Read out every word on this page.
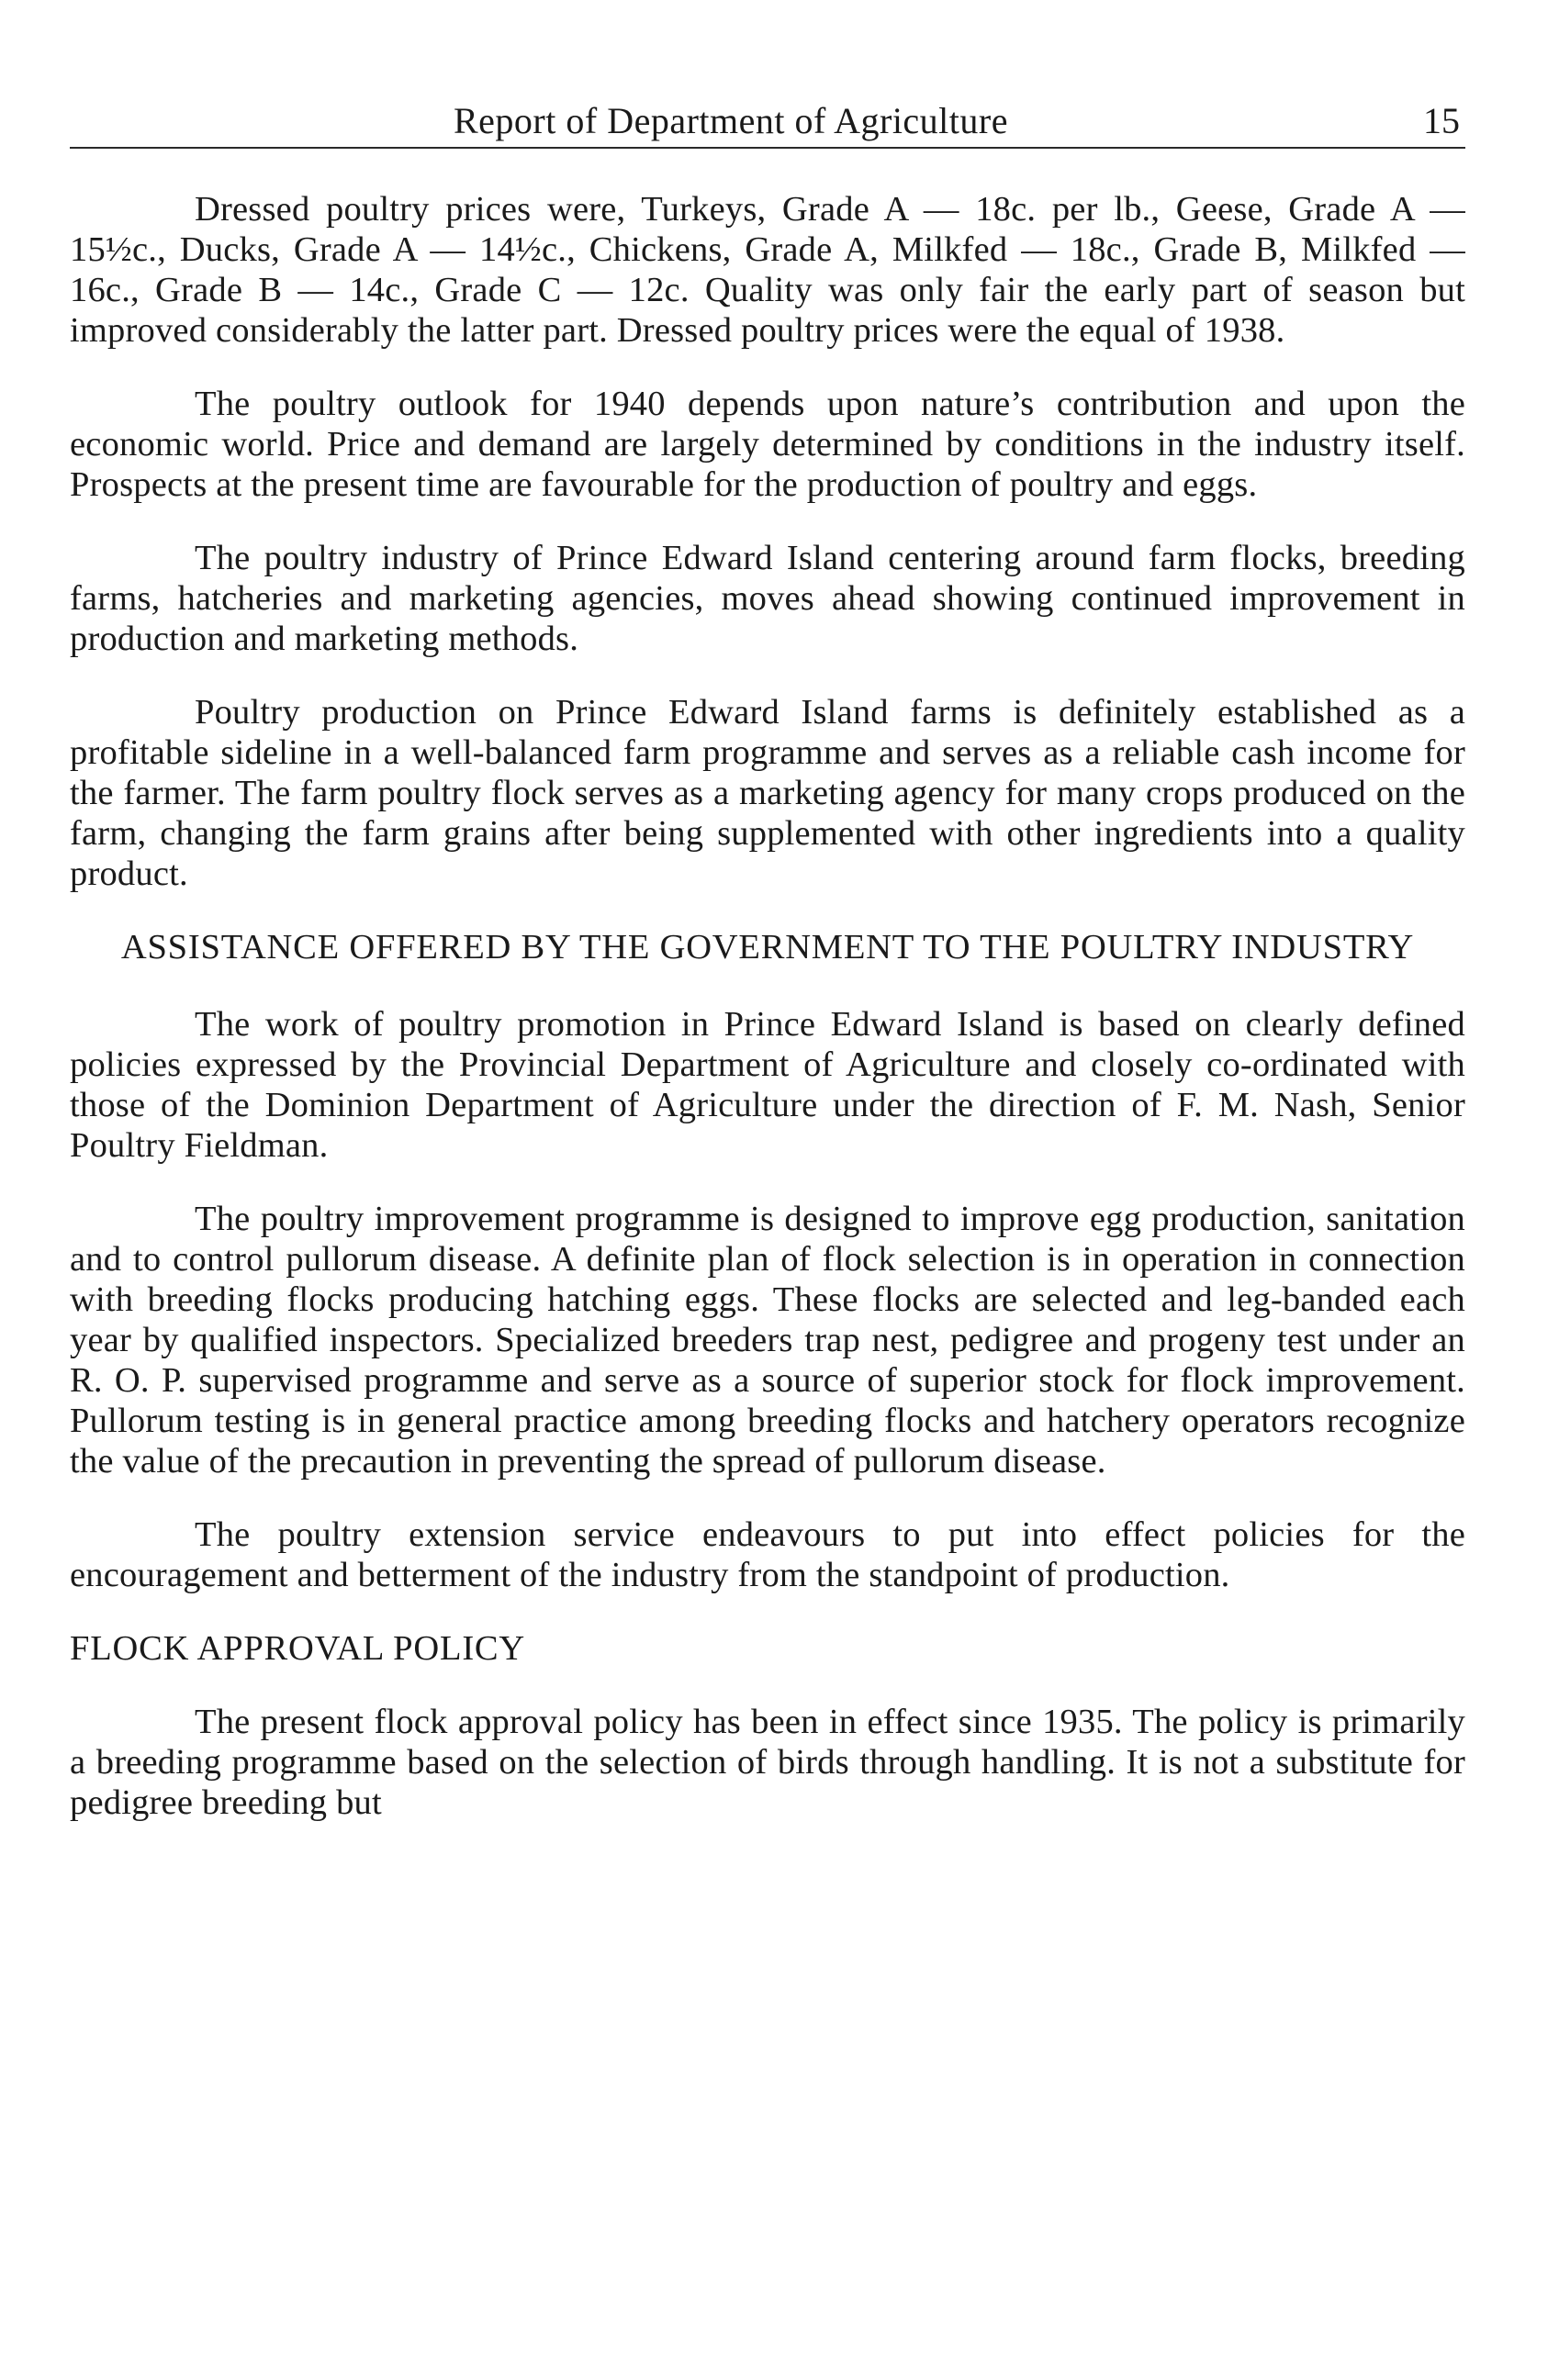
Report of Department of Agriculture	15

Dressed poultry prices were, Turkeys, Grade A — 18c. per lb., Geese, Grade A — 15½c., Ducks, Grade A — 14½c., Chickens, Grade A, Milkfed — 18c., Grade B, Milkfed — 16c., Grade B — 14c., Grade C — 12c. Quality was only fair the early part of season but improved considerably the latter part. Dressed poultry prices were the equal of 1938.

The poultry outlook for 1940 depends upon nature’s contribution and upon the economic world. Price and demand are largely determined by conditions in the industry itself. Prospects at the present time are favourable for the production of poultry and eggs.

The poultry industry of Prince Edward Island centering around farm flocks, breeding farms, hatcheries and marketing agencies, moves ahead showing continued improvement in production and marketing methods.

Poultry production on Prince Edward Island farms is definitely established as a profitable sideline in a well-balanced farm programme and serves as a reliable cash income for the farmer. The farm poultry flock serves as a marketing agency for many crops produced on the farm, changing the farm grains after being supplemented with other ingredients into a quality product.

ASSISTANCE OFFERED BY THE GOVERNMENT TO THE POULTRY INDUSTRY

The work of poultry promotion in Prince Edward Island is based on clearly defined policies expressed by the Provincial Department of Agriculture and closely co-ordinated with those of the Dominion Department of Agriculture under the direction of F. M. Nash, Senior Poultry Fieldman.

The poultry improvement programme is designed to improve egg production, sanitation and to control pullorum disease. A definite plan of flock selection is in operation in connection with breeding flocks producing hatching eggs. These flocks are selected and leg-banded each year by qualified inspectors. Specialized breeders trap nest, pedigree and progeny test under an R. O. P. supervised programme and serve as a source of superior stock for flock improvement. Pullorum testing is in general practice among breeding flocks and hatchery operators recognize the value of the precaution in preventing the spread of pullorum disease.

The poultry extension service endeavours to put into effect policies for the encouragement and betterment of the industry from the standpoint of production.

FLOCK APPROVAL POLICY

The present flock approval policy has been in effect since 1935. The policy is primarily a breeding programme based on the selection of birds through handling. It is not a substitute for pedigree breeding but
